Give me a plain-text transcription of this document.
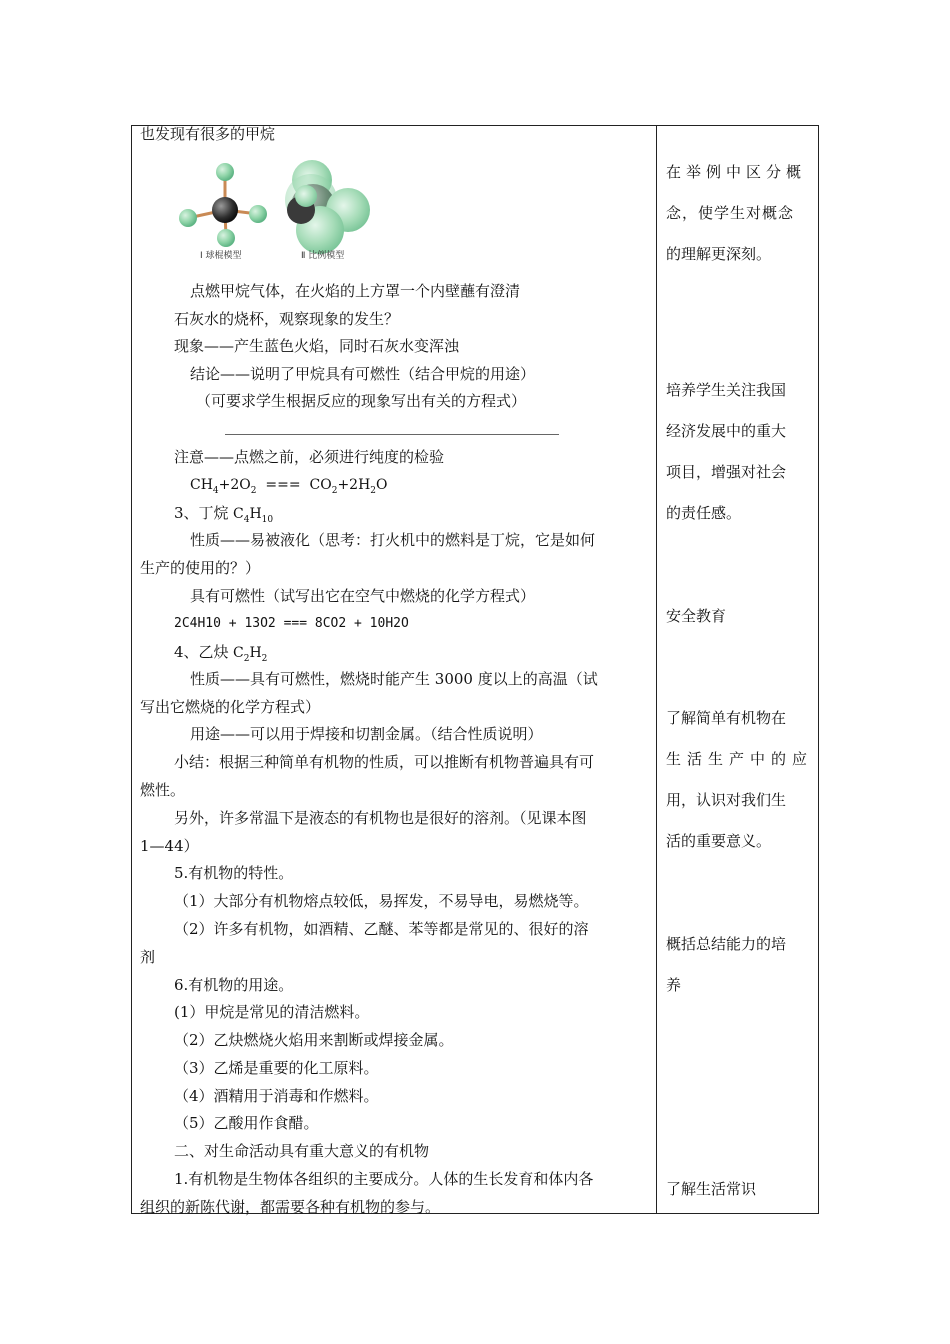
也发现有很多的甲烷
Ⅰ 球棍模型	Ⅱ 比例模型
点燃甲烷气体，在火焰的上方罩一个内壁蘸有澄清
石灰水的烧杯，观察现象的发生？
现象——产生蓝色火焰，同时石灰水变浑浊
结论——说明了甲烷具有可燃性（结合甲烷的用途）
（可要求学生根据反应的现象写出有关的方程式）
注意——点燃之前，必须进行纯度的检验
$CH_4+2O_2$  ===  $CO_2+2H_2O$
3、丁烷 $C_4H_{10}$
性质——易被液化（思考：打火机中的燃料是丁烷，它是如何
生产的使用的？）
具有可燃性（试写出它在空气中燃烧的化学方程式）
2C4H10 + 13O2 === 8CO2 + 10H2O
4、乙炔 $C_2H_2$
性质——具有可燃性，燃烧时能产生 3000 度以上的高温（试
写出它燃烧的化学方程式）
用途——可以用于焊接和切割金属。（结合性质说明）
小结：根据三种简单有机物的性质，可以推断有机物普遍具有可
燃性。
另外，许多常温下是液态的有机物也是很好的溶剂。（见课本图
1—44）
5.有机物的特性。
（1）大部分有机物熔点较低，易挥发，不易导电，易燃烧等。
（2）许多有机物，如酒精、乙醚、苯等都是常见的、很好的溶
剂
6.有机物的用途。
(1）甲烷是常见的清洁燃料。
（2）乙炔燃烧火焰用来割断或焊接金属。
（3）乙烯是重要的化工原料。
（4）酒精用于消毒和作燃料。
（5）乙酸用作食醋。
二、对生命活动具有重大意义的有机物
1.有机物是生物体各组织的主要成分。人体的生长发育和体内各
组织的新陈代谢，都需要各种有机物的参与。

在举例中区分概

念，使学生对概念

的理解更深刻。

培养学生关注我国

经济发展中的重大

项目，增强对社会

的责任感。

安全教育

了解简单有机物在

生活生产中的应

用，认识对我们生

活的重要意义。

概括总结能力的培

养

了解生活常识
